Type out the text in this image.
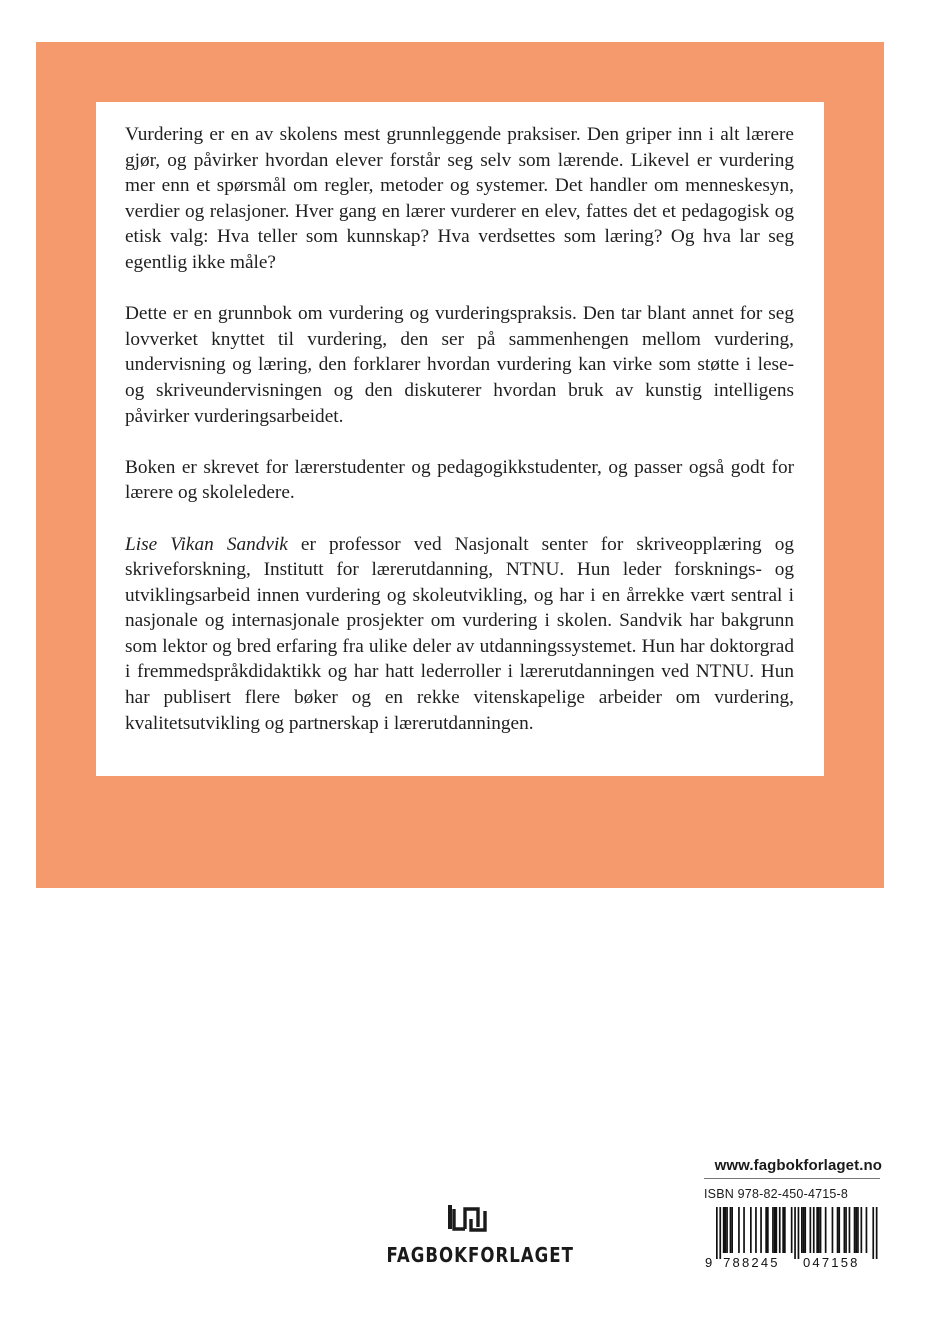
Vurdering er en av skolens mest grunnleggende praksiser. Den griper inn i alt lærere gjør, og påvirker hvordan elever forstår seg selv som lærende. Likevel er vurdering mer enn et spørsmål om regler, metoder og systemer. Det handler om menneskesyn, verdier og relasjoner. Hver gang en lærer vurderer en elev, fattes det et pedagogisk og etisk valg: Hva teller som kunnskap? Hva verdsettes som læring? Og hva lar seg egentlig ikke måle?

Dette er en grunnbok om vurdering og vurderingspraksis. Den tar blant annet for seg lovverket knyttet til vurdering, den ser på sammenhengen mellom vurdering, undervisning og læring, den forklarer hvordan vurdering kan virke som støtte i lese- og skriveundervisningen og den diskuterer hvordan bruk av kunstig intelligens påvirker vurderingsarbeidet.

Boken er skrevet for lærerstudenter og pedagogikkstudenter, og passer også godt for lærere og skoleledere.

Lise Vikan Sandvik er professor ved Nasjonalt senter for skriveopplæring og skriveforskning, Institutt for lærerutdanning, NTNU. Hun leder forsknings- og utviklingsarbeid innen vurdering og skoleutvikling, og har i en årrekke vært sentral i nasjonale og internasjonale prosjekter om vurdering i skolen. Sandvik har bakgrunn som lektor og bred erfaring fra ulike deler av utdanningssystemet. Hun har doktorgrad i fremmedspråkdidaktikk og har hatt lederroller i lærerutdanningen ved NTNU. Hun har publisert flere bøker og en rekke vitenskapelige arbeider om vurdering, kvalitetsutvikling og partnerskap i lærerutdanningen.

FAGBOKFORLAGET
www.fagbokforlaget.no
ISBN 978-82-450-4715-8
9 788245 047158
